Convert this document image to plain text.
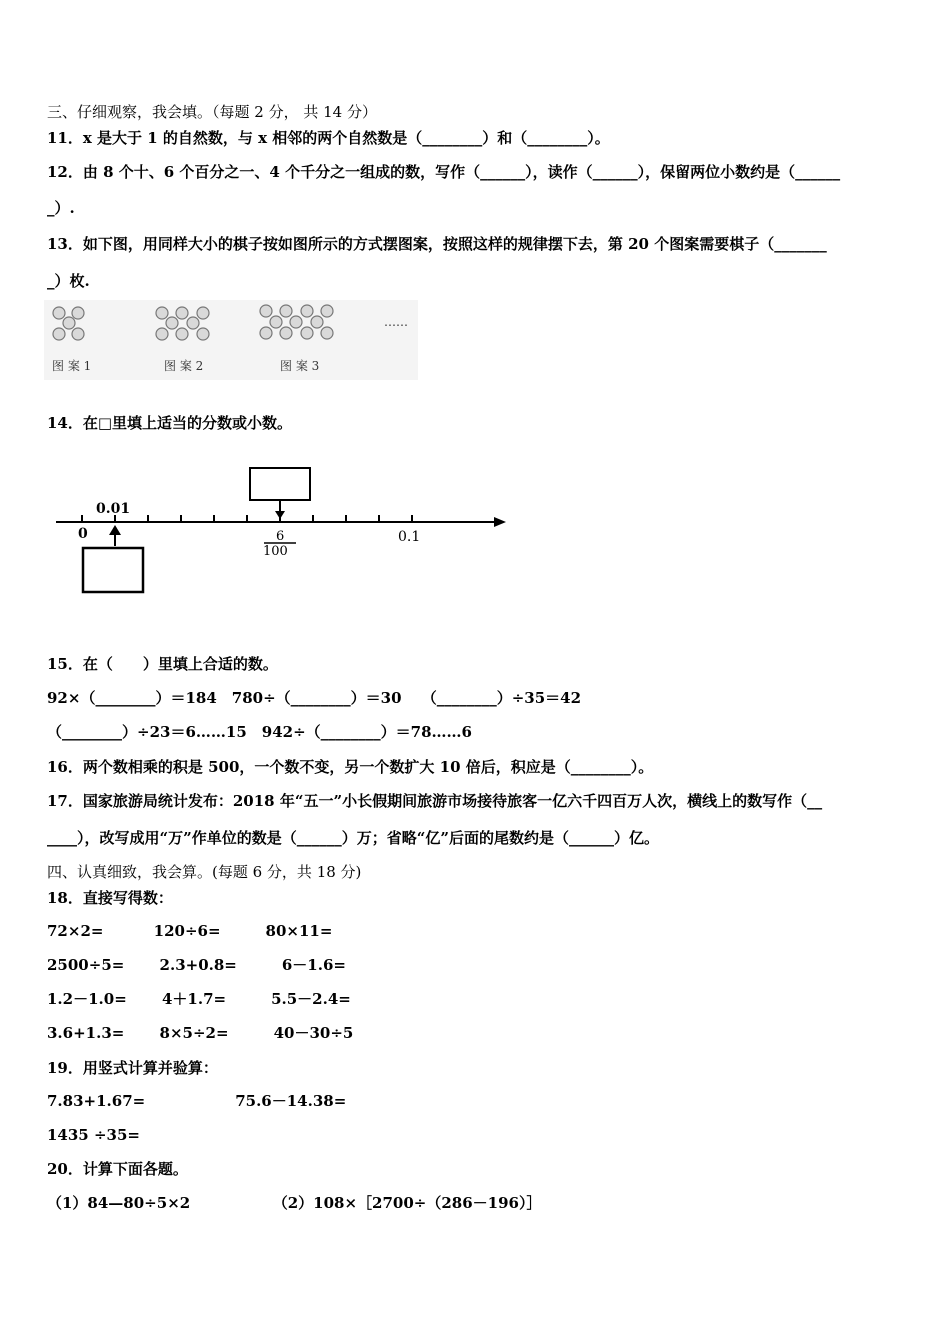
三、仔细观察，我会填。（每题 2 分， 共 14 分）
11．x 是大于 1 的自然数，与 x 相邻的两个自然数是（________）和（________）。
12．由 8 个十、6 个百分之一、4 个千分之一组成的数，写作（______），读作（______），保留两位小数约是（______
_）.
13．如下图，用同样大小的棋子按如图所示的方式摆图案，按照这样的规律摆下去，第 20 个图案需要棋子（_______
_）枚.
图 案 1	图 案 2	图 案 3
……
14．在□里填上适当的分数或小数。
0
0.01
6
100
0.1
15．在（　　）里填上合适的数。
92×（________）＝184　780÷（________）＝30　 （________）÷35＝42
（________）÷23＝6……15　942÷（________）＝78……6
16．两个数相乘的积是 500，一个数不变，另一个数扩大 10 倍后，积应是（________）。
17．国家旅游局统计发布：2018 年“五一”小长假期间旅游市场接待旅客一亿六千四百万人次，横线上的数写作（__
____），改写成用“万”作单位的数是（______）万；省略“亿”后面的尾数约是（______）亿。
四、认真细致，我会算。(每题 6 分，共 18 分)
18．直接写得数：
72×2=　　 　120÷6=　　　80×11=
2500÷5=　　 2.3+0.8=　　　6－1.6=
1.2－1.0=　　 4＋1.7=　　　5.5－2.4=
3.6+1.3=　　 8×5÷2=　　　40－30÷5
19．用竖式计算并验算：
7.83+1.67=　　　　　　75.6－14.38=
1435 ÷35=
20．计算下面各题。
（1）84—80÷5×2　　　　　　（2）108×［2700÷（286－196）］
